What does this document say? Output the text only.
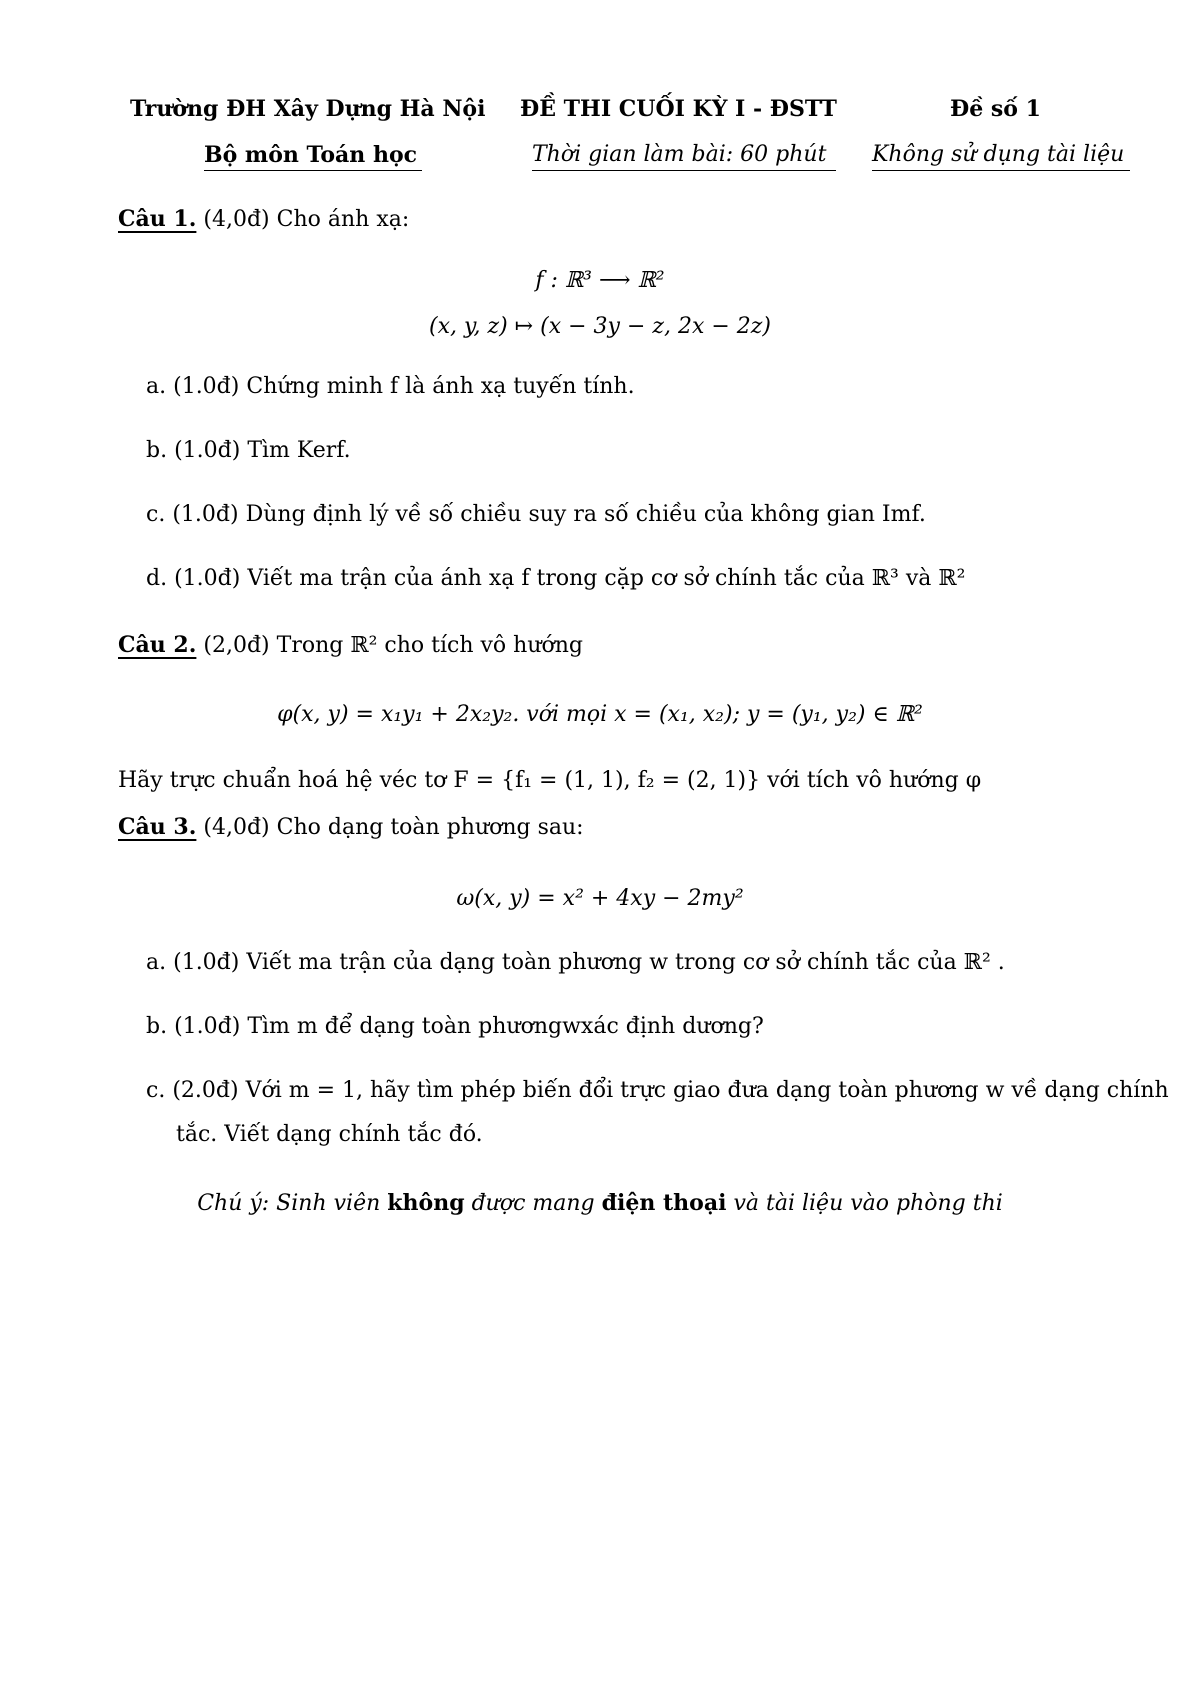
Trường ĐH Xây Dựng Hà Nội ĐỀ THI CUỐI KỲ I - ĐSTT	Đề số 1
Bộ môn Toán học	Thời gian làm bài: 60 phút Không sử dụng tài liệu
Câu 1. (4,0đ) Cho ánh xạ:
f : ℝ³ ⟶ ℝ²
(x, y, z) ↦ (x − 3y − z, 2x − 2z)
a. (1.0đ) Chứng minh f là ánh xạ tuyến tính.
b. (1.0đ) Tìm Kerf.
c. (1.0đ) Dùng định lý về số chiều suy ra số chiều của không gian Imf.
d. (1.0đ) Viết ma trận của ánh xạ f trong cặp cơ sở chính tắc của ℝ³ và ℝ²
Câu 2. (2,0đ) Trong ℝ² cho tích vô hướng
φ(x, y) = x₁y₁ + 2x₂y₂. với mọi x = (x₁, x₂); y = (y₁, y₂) ∈ ℝ²
Hãy trực chuẩn hoá hệ véc tơ F = {f₁ = (1, 1), f₂ = (2, 1)} với tích vô hướng φ
Câu 3. (4,0đ) Cho dạng toàn phương sau:
ω(x, y) = x² + 4xy − 2my²
a. (1.0đ) Viết ma trận của dạng toàn phương w trong cơ sở chính tắc của ℝ² .
b. (1.0đ) Tìm m để dạng toàn phươngwxác định dương?
c. (2.0đ) Với m = 1, hãy tìm phép biến đổi trực giao đưa dạng toàn phương w về dạng chính
tắc. Viết dạng chính tắc đó.
Chú ý: Sinh viên không được mang điện thoại và tài liệu vào phòng thi
